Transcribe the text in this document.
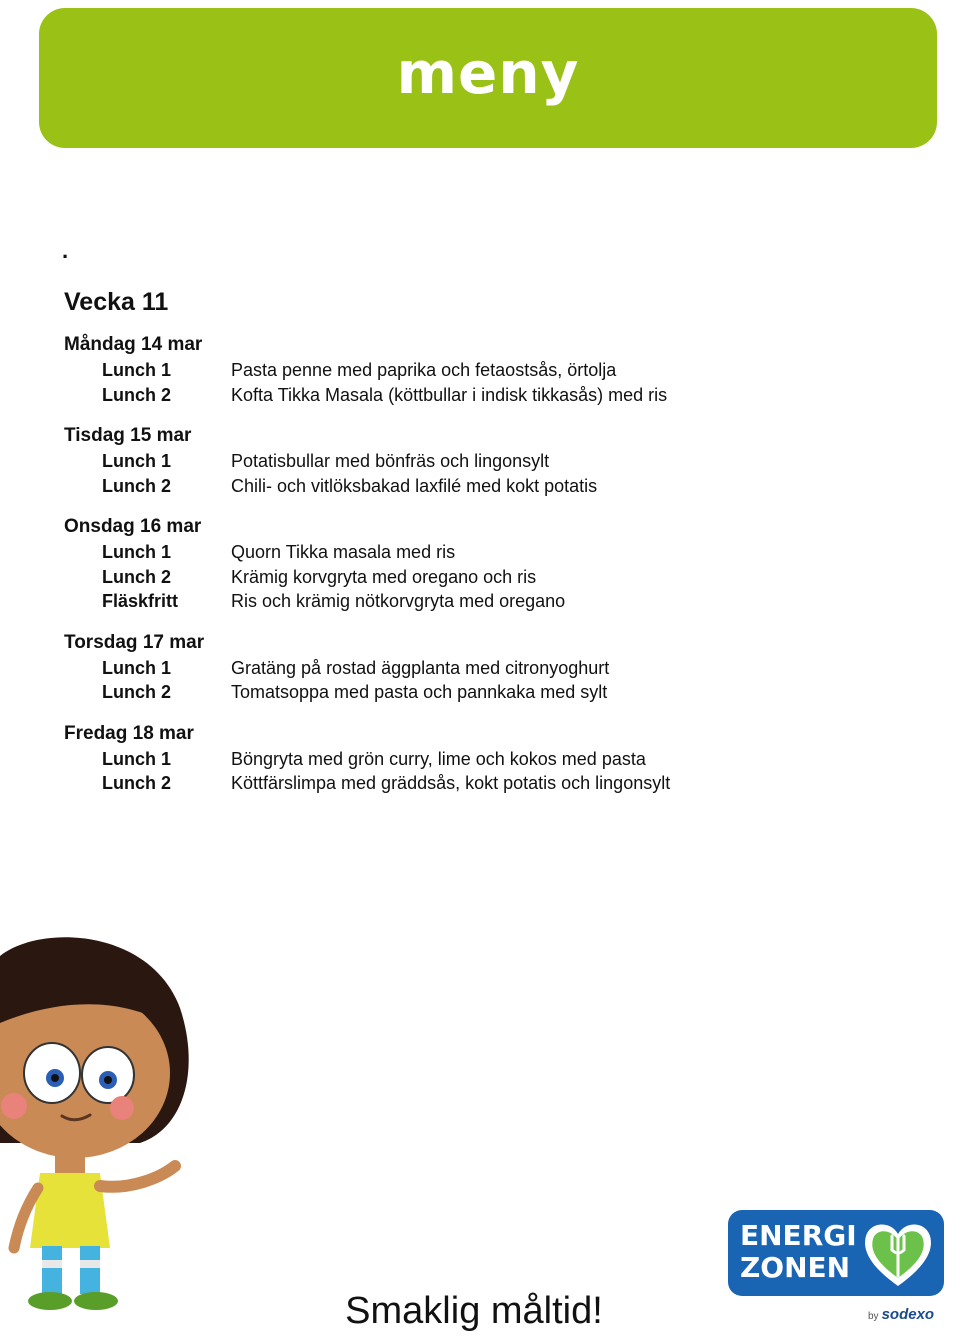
meny
.
Vecka 11
Måndag 14 mar
Lunch 1	Pasta penne med paprika och fetaostsås, örtolja
Lunch 2	Kofta Tikka Masala (köttbullar i indisk tikkasås) med ris
Tisdag 15 mar
Lunch 1	Potatisbullar med bönfräs och lingonsylt
Lunch 2	Chili- och vitlöksbakad laxfilé med kokt potatis
Onsdag 16 mar
Lunch 1	Quorn Tikka masala med ris
Lunch 2	Krämig korvgryta med oregano och ris
Fläskfritt	Ris och krämig nötkorvgryta med oregano
Torsdag 17 mar
Lunch 1	Gratäng på rostad äggplanta med citronyoghurt
Lunch 2	Tomatsoppa med pasta och pannkaka med sylt
Fredag 18 mar
Lunch 1	Böngryta med grön curry, lime och kokos med pasta
Lunch 2	Köttfärslimpa med gräddsås, kokt potatis och lingonsylt
ENERGI
ZONEN
by sodexo
Smaklig måltid!
